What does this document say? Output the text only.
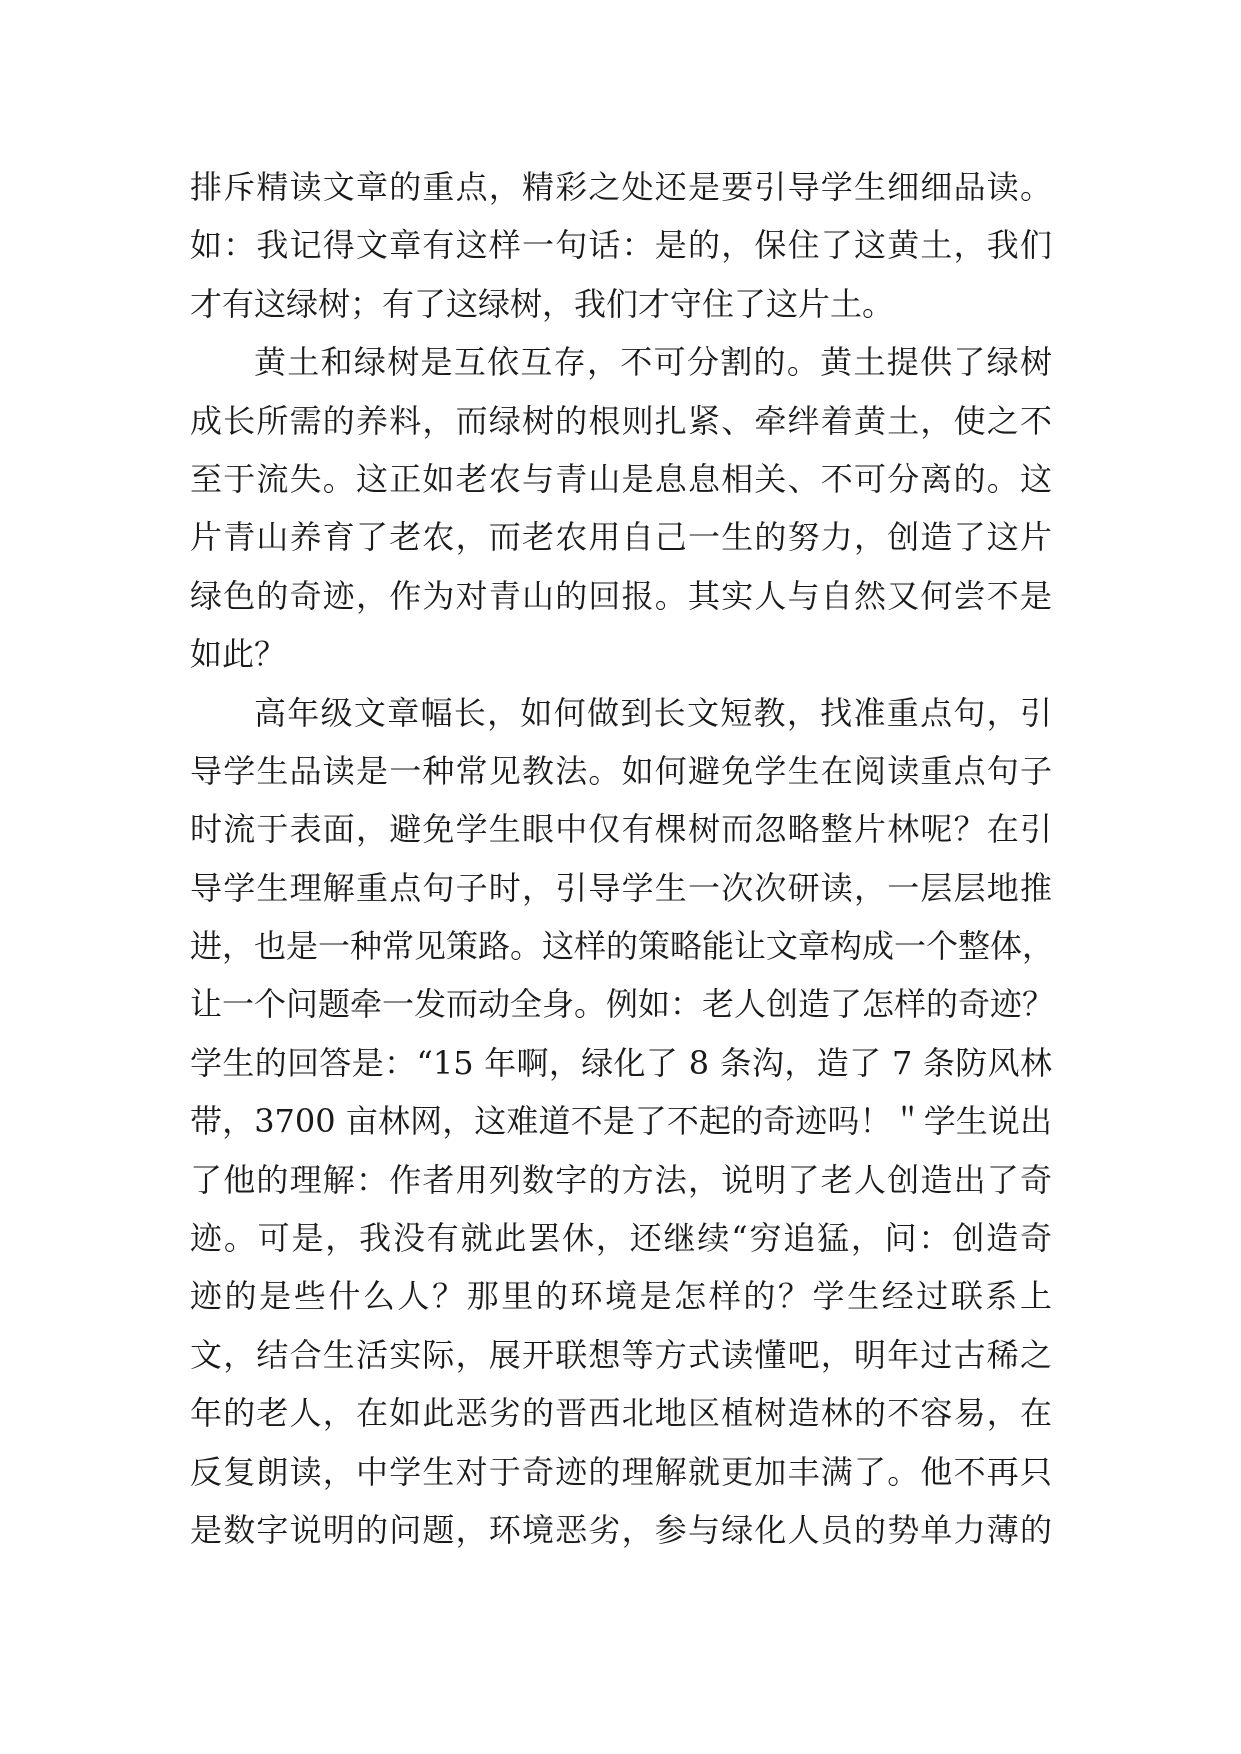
排斥精读文章的重点，精彩之处还是要引导学生细细品读。
如：我记得文章有这样一句话：是的，保住了这黄土，我们
才有这绿树；有了这绿树，我们才守住了这片土。
黄土和绿树是互依互存，不可分割的。黄土提供了绿树
成长所需的养料，而绿树的根则扎紧、牵绊着黄土，使之不
至于流失。这正如老农与青山是息息相关、不可分离的。这
片青山养育了老农，而老农用自己一生的努力，创造了这片
绿色的奇迹，作为对青山的回报。其实人与自然又何尝不是
如此？
高年级文章幅长，如何做到长文短教，找准重点句，引
导学生品读是一种常见教法。如何避免学生在阅读重点句子
时流于表面，避免学生眼中仅有棵树而忽略整片林呢？在引
导学生理解重点句子时，引导学生一次次研读，一层层地推
进，也是一种常见策路。这样的策略能让文章构成一个整体，
让一个问题牵一发而动全身。例如：老人创造了怎样的奇迹？
学生的回答是：“15 年啊，绿化了 8 条沟，造了 7 条防风林
带，3700 亩林网，这难道不是了不起的奇迹吗！＂学生说出
了他的理解：作者用列数字的方法，说明了老人创造出了奇
迹。可是，我没有就此罢休，还继续“穷追猛，问：创造奇
迹的是些什么人？那里的环境是怎样的？学生经过联系上
文，结合生活实际，展开联想等方式读懂吧，明年过古稀之
年的老人，在如此恶劣的晋西北地区植树造林的不容易，在
反复朗读，中学生对于奇迹的理解就更加丰满了。他不再只
是数字说明的问题，环境恶劣，参与绿化人员的势单力薄的
